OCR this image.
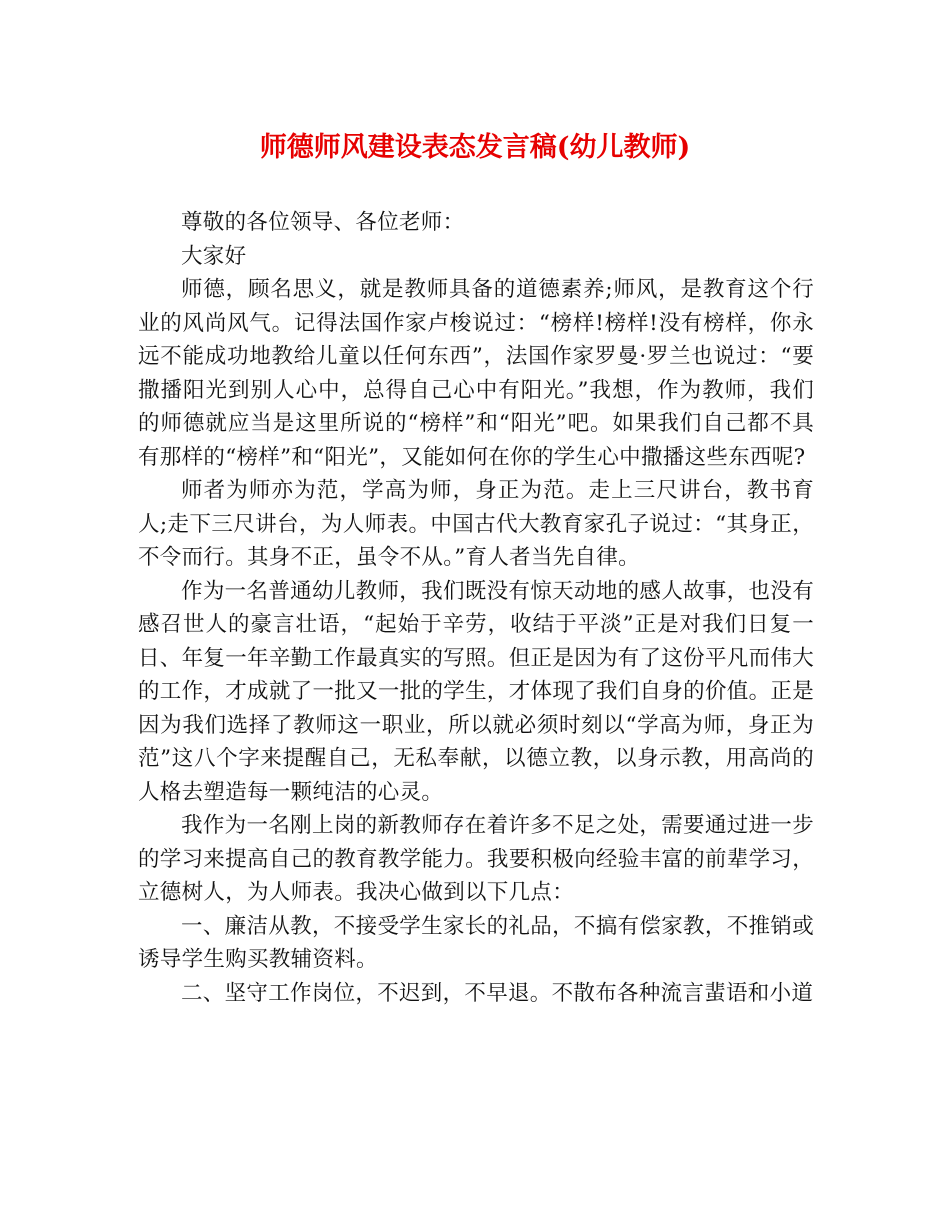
师德师风建设表态发言稿(幼儿教师)

尊敬的各位领导、各位老师：

大家好

师德，顾名思义，就是教师具备的道德素养;师风，是教育这个行业的风尚风气。记得法国作家卢梭说过：“榜样!榜样!没有榜样，你永远不能成功地教给儿童以任何东西”，法国作家罗曼·罗兰也说过：“要撒播阳光到别人心中，总得自己心中有阳光。”我想，作为教师，我们的师德就应当是这里所说的“榜样”和“阳光”吧。如果我们自己都不具有那样的“榜样”和“阳光”，又能如何在你的学生心中撒播这些东西呢?

师者为师亦为范，学高为师，身正为范。走上三尺讲台，教书育人;走下三尺讲台，为人师表。中国古代大教育家孔子说过：“其身正，不令而行。其身不正，虽令不从。”育人者当先自律。

作为一名普通幼儿教师，我们既没有惊天动地的感人故事，也没有感召世人的豪言壮语，“起始于辛劳，收结于平淡”正是对我们日复一日、年复一年辛勤工作最真实的写照。但正是因为有了这份平凡而伟大的工作，才成就了一批又一批的学生，才体现了我们自身的价值。正是因为我们选择了教师这一职业，所以就必须时刻以“学高为师，身正为范”这八个字来提醒自己，无私奉献，以德立教，以身示教，用高尚的人格去塑造每一颗纯洁的心灵。

我作为一名刚上岗的新教师存在着许多不足之处，需要通过进一步的学习来提高自己的教育教学能力。我要积极向经验丰富的前辈学习，立德树人，为人师表。我决心做到以下几点：

一、廉洁从教，不接受学生家长的礼品，不搞有偿家教，不推销或诱导学生购买教辅资料。

二、坚守工作岗位，不迟到，不早退。不散布各种流言蜚语和小道
